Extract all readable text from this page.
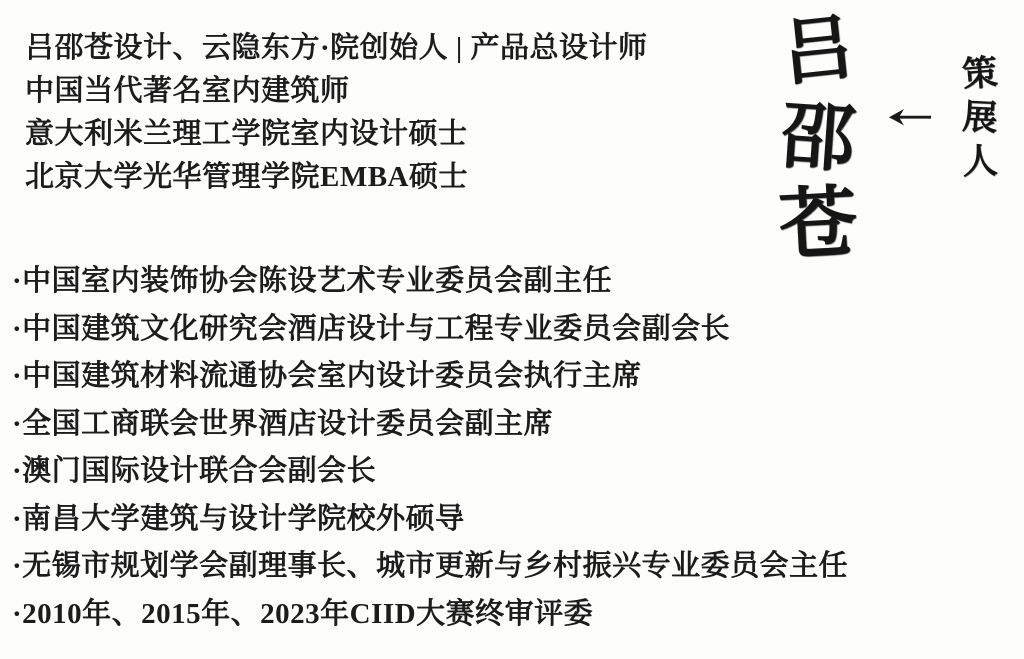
吕邵苍设计、云隐东方·院创始人 | 产品总设计师
中国当代著名室内建筑师
意大利米兰理工学院室内设计硕士
北京大学光华管理学院EMBA硕士
·中国室内装饰协会陈设艺术专业委员会副主任
·中国建筑文化研究会酒店设计与工程专业委员会副会长
·中国建筑材料流通协会室内设计委员会执行主席
·全国工商联会世界酒店设计委员会副主席
·澳门国际设计联合会副会长
·南昌大学建筑与设计学院校外硕导
·无锡市规划学会副理事长、城市更新与乡村振兴专业委员会主任
·2010年、2015年、2023年CIID大赛终审评委
吕
邵
苍
策
展
人
